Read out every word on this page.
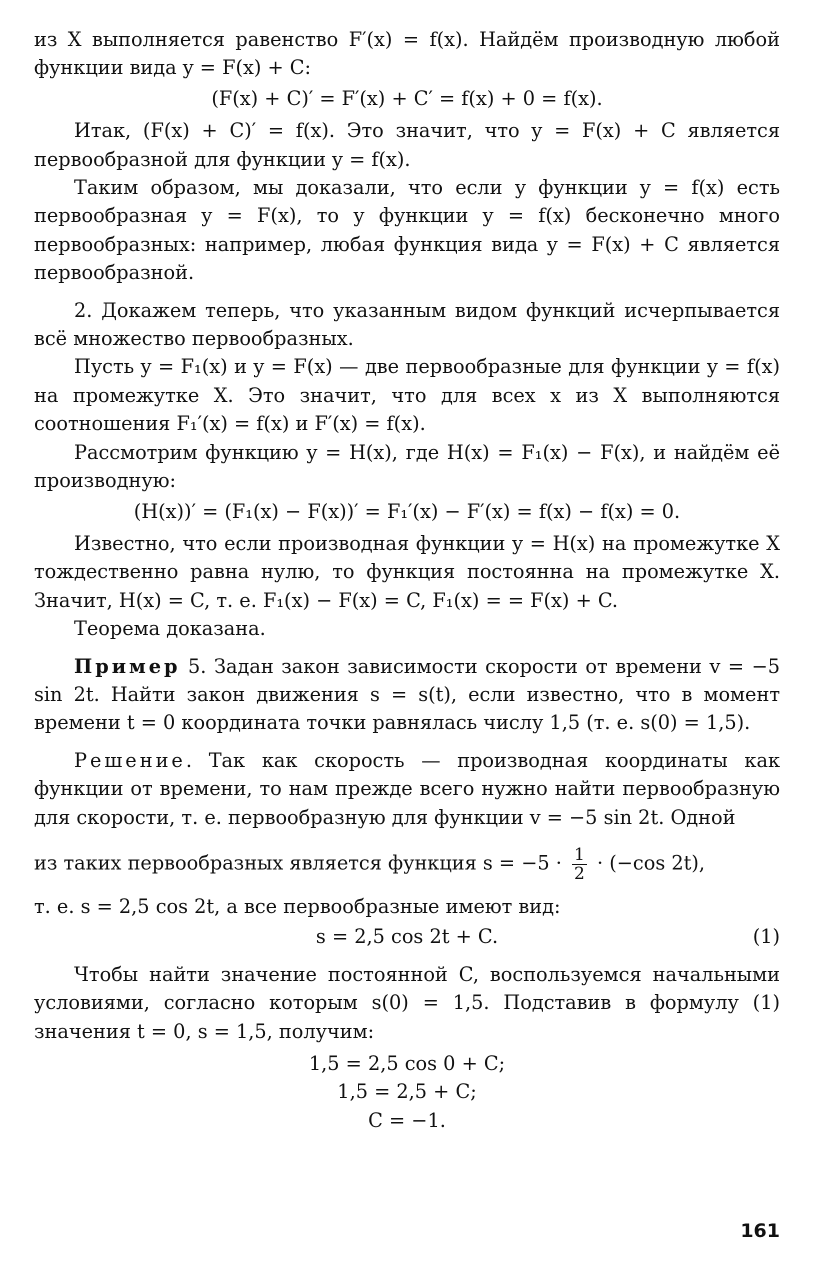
из X выполняется равенство F′(x) = f(x). Найдём производную любой функции вида y = F(x) + C:

(F(x) + C)′ = F′(x) + C′ = f(x) + 0 = f(x).

Итак, (F(x) + C)′ = f(x). Это значит, что y = F(x) + C является первообразной для функции y = f(x).

Таким образом, мы доказали, что если у функции y = f(x) есть первообразная y = F(x), то у функции y = f(x) бесконечно много первообразных: например, любая функция вида y = F(x) + C является первообразной.

2. Докажем теперь, что указанным видом функций исчерпывается всё множество первообразных.

Пусть y = F₁(x) и y = F(x) — две первообразные для функции y = f(x) на промежутке X. Это значит, что для всех x из X выполняются соотношения F₁′(x) = f(x) и F′(x) = f(x).

Рассмотрим функцию y = H(x), где H(x) = F₁(x) − F(x), и найдём её производную:

(H(x))′ = (F₁(x) − F(x))′ = F₁′(x) − F′(x) = f(x) − f(x) = 0.

Известно, что если производная функции y = H(x) на промежутке X тождественно равна нулю, то функция постоянна на промежутке X. Значит, H(x) = C, т. е. F₁(x) − F(x) = C, F₁(x) = = F(x) + C.

Теорема доказана.

Пример 5. Задан закон зависимости скорости от времени v = −5 sin 2t. Найти закон движения s = s(t), если известно, что в момент времени t = 0 координата точки равнялась числу 1,5 (т. е. s(0) = 1,5).

Решение. Так как скорость — производная координаты как функции от времени, то нам прежде всего нужно найти первообразную для скорости, т. е. первообразную для функции v = −5 sin 2t. Одной

из таких первообразных является функция $s = -5 \cdot \frac{1}{2} \cdot (-\cos$ 2t),

т. е. s = 2,5 cos 2t, а все первообразные имеют вид:

s = 2,5 cos 2t + C.	(1)

Чтобы найти значение постоянной C, воспользуемся начальными условиями, согласно которым s(0) = 1,5. Подставив в формулу (1) значения t = 0, s = 1,5, получим:

1,5 = 2,5 cos 0 + C;
1,5 = 2,5 + C;
C = −1.
161
